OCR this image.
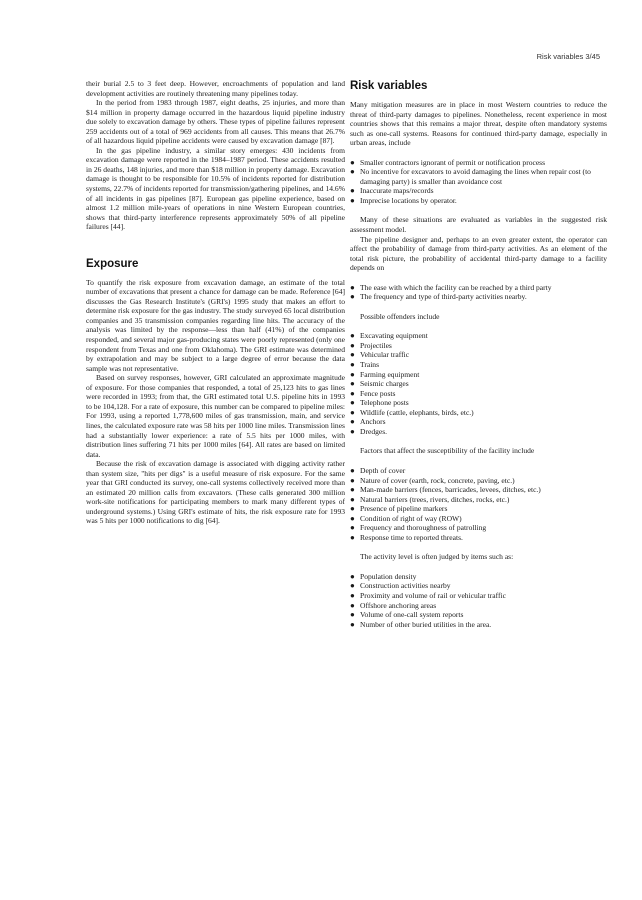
Risk variables 3/45

their burial 2.5 to 3 feet deep. However, encroachments of population and land development activities are routinely threatening many pipelines today.

In the period from 1983 through 1987, eight deaths, 25 injuries, and more than $14 million in property damage occurred in the hazardous liquid pipeline industry due solely to excavation damage by others. These types of pipeline failures represent 259 accidents out of a total of 969 accidents from all causes. This means that 26.7% of all hazardous liquid pipeline accidents were caused by excavation damage [87].

In the gas pipeline industry, a similar story emerges: 430 incidents from excavation damage were reported in the 1984–1987 period. These accidents resulted in 26 deaths, 148 injuries, and more than $18 million in property damage. Excavation damage is thought to be responsible for 10.5% of incidents reported for distribution systems, 22.7% of incidents reported for transmission/gathering pipelines, and 14.6% of all incidents in gas pipelines [87]. European gas pipeline experience, based on almost 1.2 million mile-years of operations in nine Western European countries, shows that third-party interference represents approximately 50% of all pipeline failures [44].

Exposure

To quantify the risk exposure from excavation damage, an estimate of the total number of excavations that present a chance for damage can be made. Reference [64] discusses the Gas Research Institute's (GRI's) 1995 study that makes an effort to determine risk exposure for the gas industry. The study surveyed 65 local distribution companies and 35 transmission companies regarding line hits. The accuracy of the analysis was limited by the response—less than half (41%) of the companies responded, and several major gas-producing states were poorly represented (only one respondent from Texas and one from Oklahoma). The GRI estimate was determined by extrapolation and may be subject to a large degree of error because the data sample was not representative.

Based on survey responses, however, GRI calculated an approximate magnitude of exposure. For those companies that responded, a total of 25,123 hits to gas lines were recorded in 1993; from that, the GRI estimated total U.S. pipeline hits in 1993 to be 104,128. For a rate of exposure, this number can be compared to pipeline miles: For 1993, using a reported 1,778,600 miles of gas transmission, main, and service lines, the calculated exposure rate was 58 hits per 1000 line miles. Transmission lines had a substantially lower experience: a rate of 5.5 hits per 1000 miles, with distribution lines suffering 71 hits per 1000 miles [64]. All rates are based on limited data.

Because the risk of excavation damage is associated with digging activity rather than system size, "hits per digs" is a useful measure of risk exposure. For the same year that GRI conducted its survey, one-call systems collectively received more than an estimated 20 million calls from excavators. (These calls generated 300 million work-site notifications for participating members to mark many different types of underground systems.) Using GRI's estimate of hits, the risk exposure rate for 1993 was 5 hits per 1000 notifications to dig [64].

Risk variables

Many mitigation measures are in place in most Western countries to reduce the threat of third-party damages to pipelines. Nonetheless, recent experience in most countries shows that this remains a major threat, despite often mandatory systems such as one-call systems. Reasons for continued third-party damage, especially in urban areas, include

● Smaller contractors ignorant of permit or notification process
● No incentive for excavators to avoid damaging the lines when repair cost (to damaging party) is smaller than avoidance cost
● Inaccurate maps/records
● Imprecise locations by operator.

Many of these situations are evaluated as variables in the suggested risk assessment model.

The pipeline designer and, perhaps to an even greater extent, the operator can affect the probability of damage from third-party activities. As an element of the total risk picture, the probability of accidental third-party damage to a facility depends on

● The ease with which the facility can be reached by a third party
● The frequency and type of third-party activities nearby.

Possible offenders include

● Excavating equipment
● Projectiles
● Vehicular traffic
● Trains
● Farming equipment
● Seismic charges
● Fence posts
● Telephone posts
● Wildlife (cattle, elephants, birds, etc.)
● Anchors
● Dredges.

Factors that affect the susceptibility of the facility include

● Depth of cover
● Nature of cover (earth, rock, concrete, paving, etc.)
● Man-made barriers (fences, barricades, levees, ditches, etc.)
● Natural barriers (trees, rivers, ditches, rocks, etc.)
● Presence of pipeline markers
● Condition of right of way (ROW)
● Frequency and thoroughness of patrolling
● Response time to reported threats.

The activity level is often judged by items such as:

● Population density
● Construction activities nearby
● Proximity and volume of rail or vehicular traffic
● Offshore anchoring areas
● Volume of one-call system reports
● Number of other buried utilities in the area.
